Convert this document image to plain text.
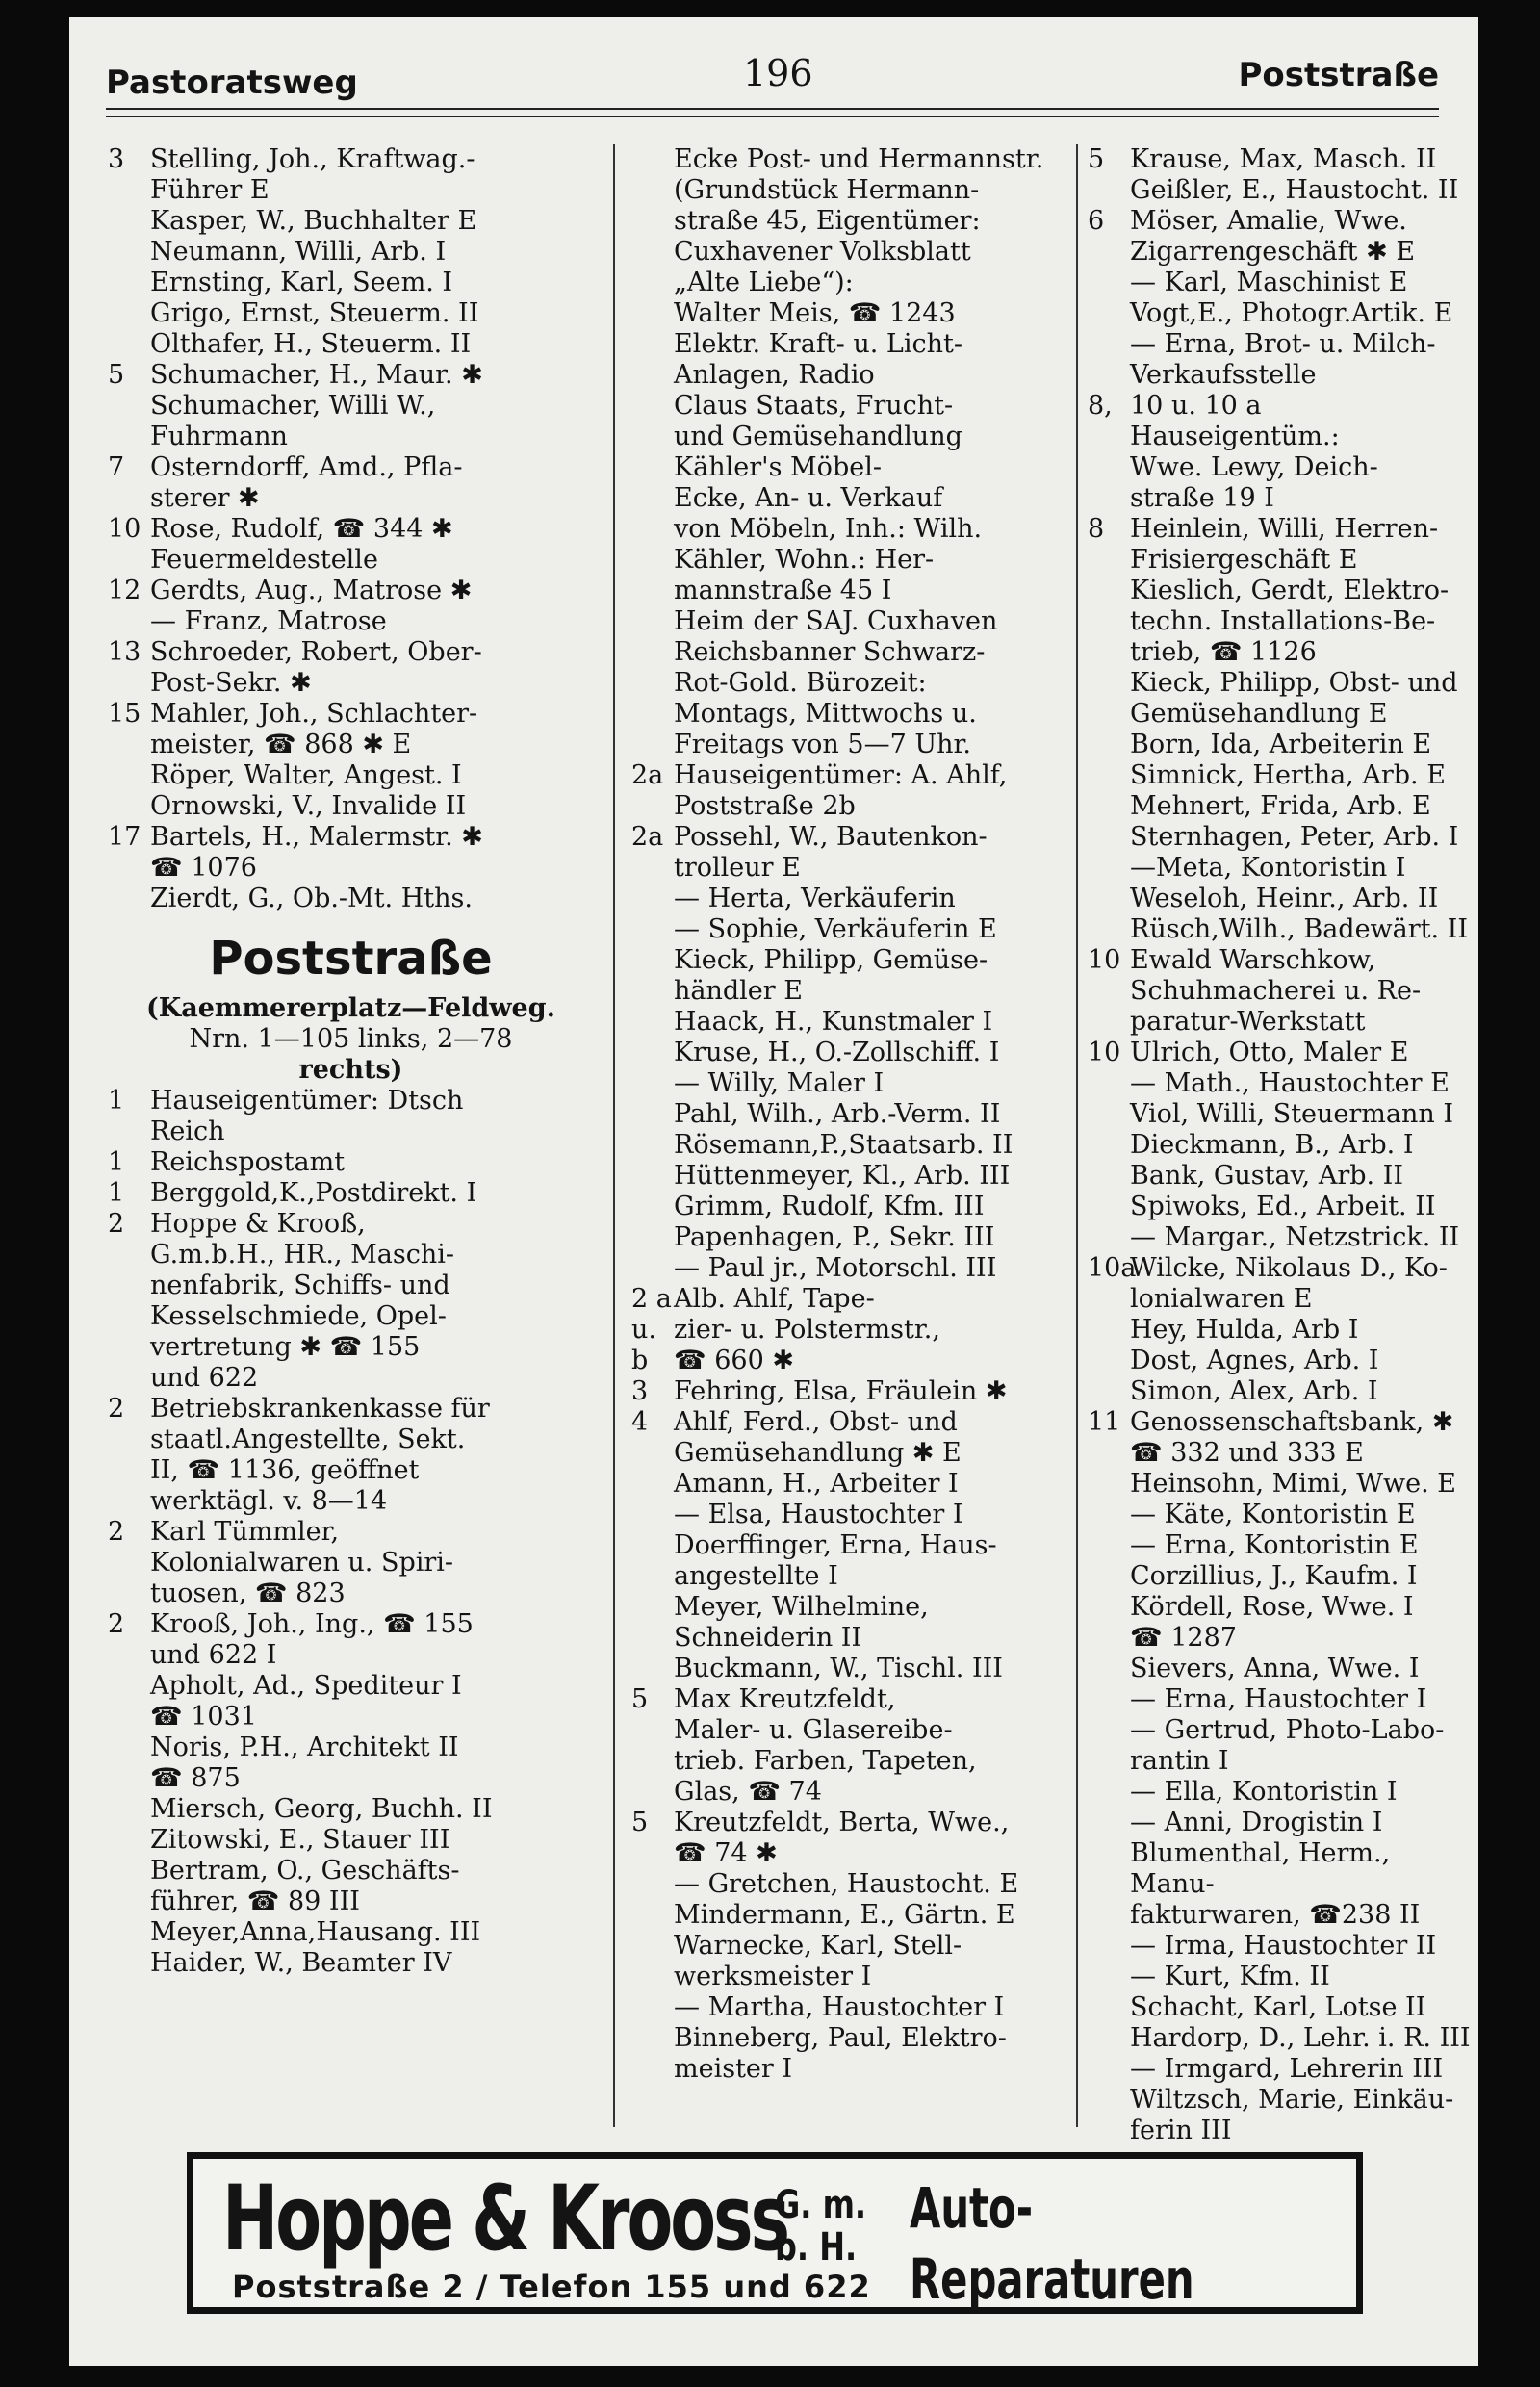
Pastoratsweg	196	Poststraße
3 Stelling, Joh., Kraftwag.-
Führer E
Kasper, W., Buchhalter E
Neumann, Willi, Arb. I
Ernsting, Karl, Seem. I
Grigo, Ernst, Steuerm. II
Olthafer, H., Steuerm. II
5 Schumacher, H., Maur. ✱
Schumacher, Willi W.,
Fuhrmann
7 Osterndorff, Amd., Pfla-
sterer ✱
10 Rose, Rudolf, ☎ 344 ✱
Feuermeldestelle
12 Gerdts, Aug., Matrose ✱
— Franz, Matrose
13 Schroeder, Robert, Ober-
Post-Sekr. ✱
15 Mahler, Joh., Schlachter-
meister, ☎ 868 ✱ E
Röper, Walter, Angest. I
Ornowski, V., Invalide II
17 Bartels, H., Malermstr. ✱
☎ 1076
Zierdt, G., Ob.-Mt. Hths.
Poststraße
(Kaemmererplatz—Feldweg.
Nrn. 1—105 links, 2—78
rechts)
1 Hauseigentümer: Dtsch
Reich
1 Reichspostamt
1 Berggold,K.,Postdirekt. I
2 Hoppe & Krooß,
G.m.b.H., HR., Maschi-
nenfabrik, Schiffs- und
Kesselschmiede, Opel-
vertretung ✱ ☎ 155
und 622
2 Betriebskrankenkasse für
staatl.Angestellte, Sekt.
II, ☎ 1136, geöffnet
werktägl. v. 8—14
2 Karl Tümmler,
Kolonialwaren u. Spiri-
tuosen, ☎ 823
2 Krooß, Joh., Ing., ☎ 155
und 622 I
Apholt, Ad., Spediteur I
☎ 1031
Noris, P.H., Architekt II
☎ 875
Miersch, Georg, Buchh. II
Zitowski, E., Stauer III
Bertram, O., Geschäfts-
führer, ☎ 89 III
Meyer,Anna,Hausang. III
Haider, W., Beamter IV
Ecke Post- und Hermannstr.
(Grundstück Hermann-
straße 45, Eigentümer:
Cuxhavener Volksblatt
„Alte Liebe“):
Walter Meis, ☎ 1243
Elektr. Kraft- u. Licht-
Anlagen, Radio
Claus Staats, Frucht-
und Gemüsehandlung
Kähler's Möbel-
Ecke, An- u. Verkauf
von Möbeln, Inh.: Wilh.
Kähler, Wohn.: Her-
mannstraße 45 I
Heim der SAJ. Cuxhaven
Reichsbanner Schwarz-
Rot-Gold. Bürozeit:
Montags, Mittwochs u.
Freitags von 5—7 Uhr.
2a Hauseigentümer: A. Ahlf,
Poststraße 2b
2a Possehl, W., Bautenkon-
trolleur E
— Herta, Verkäuferin
— Sophie, Verkäuferin E
Kieck, Philipp, Gemüse-
händler E
Haack, H., Kunstmaler I
Kruse, H., O.-Zollschiff. I
— Willy, Maler I
Pahl, Wilh., Arb.-Verm. II
Rösemann,P.,Staatsarb. II
Hüttenmeyer, Kl., Arb. III
Grimm, Rudolf, Kfm. III
Papenhagen, P., Sekr. III
— Paul jr., Motorschl. III
2 a u. b
Alb. Ahlf, Tape-
zier- u. Polstermstr.,
☎ 660 ✱
3 Fehring, Elsa, Fräulein ✱
4 Ahlf, Ferd., Obst- und
Gemüsehandlung ✱ E
Amann, H., Arbeiter I
— Elsa, Haustochter I
Doerffinger, Erna, Haus-
angestellte I
Meyer, Wilhelmine,
Schneiderin II
Buckmann, W., Tischl. III
5 Max Kreutzfeldt,
Maler- u. Glasereibe-
trieb. Farben, Tapeten,
Glas, ☎ 74
5 Kreutzfeldt, Berta, Wwe.,
☎ 74 ✱
— Gretchen, Haustocht. E
Mindermann, E., Gärtn. E
Warnecke, Karl, Stell-
werksmeister I
— Martha, Haustochter I
Binneberg, Paul, Elektro-
meister I
5 Krause, Max, Masch. II
Geißler, E., Haustocht. II
6 Möser, Amalie, Wwe.
Zigarrengeschäft ✱ E
— Karl, Maschinist E
Vogt,E., Photogr.Artik. E
— Erna, Brot- u. Milch-
Verkaufsstelle
8, 10 u. 10 a Hauseigentüm.:
Wwe. Lewy, Deich-
straße 19 I
8 Heinlein, Willi, Herren-
Frisiergeschäft E
Kieslich, Gerdt, Elektro-
techn. Installations-Be-
trieb, ☎ 1126
Kieck, Philipp, Obst- und
Gemüsehandlung E
Born, Ida, Arbeiterin E
Simnick, Hertha, Arb. E
Mehnert, Frida, Arb. E
Sternhagen, Peter, Arb. I
—Meta, Kontoristin I
Weseloh, Heinr., Arb. II
Rüsch,Wilh., Badewärt. II
10 Ewald Warschkow,
Schuhmacherei u. Re-
paratur-Werkstatt
10 Ulrich, Otto, Maler E
— Math., Haustochter E
Viol, Willi, Steuermann I
Dieckmann, B., Arb. I
Bank, Gustav, Arb. II
Spiwoks, Ed., Arbeit. II
— Margar., Netzstrick. II
10a
Wilcke, Nikolaus D., Ko-
lonialwaren E
Hey, Hulda, Arb I
Dost, Agnes, Arb. I
Simon, Alex, Arb. I
11 Genossenschaftsbank, ✱
☎ 332 und 333 E
Heinsohn, Mimi, Wwe. E
— Käte, Kontoristin E
— Erna, Kontoristin E
Corzillius, J., Kaufm. I
Kördell, Rose, Wwe. I
☎ 1287
Sievers, Anna, Wwe. I
— Erna, Haustochter I
— Gertrud, Photo-Labo-
rantin I
— Ella, Kontoristin I
— Anni, Drogistin I
Blumenthal, Herm., Manu-
fakturwaren, ☎238 II
— Irma, Haustochter II
— Kurt, Kfm. II
Schacht, Karl, Lotse II
Hardorp, D., Lehr. i. R. III
— Irmgard, Lehrerin III
Wiltzsch, Marie, Einkäu-
ferin III
Hoppe & Krooss
G. m.
b. H.
Poststraße 2 / Telefon 155 und 622
Auto-
Reparaturen
